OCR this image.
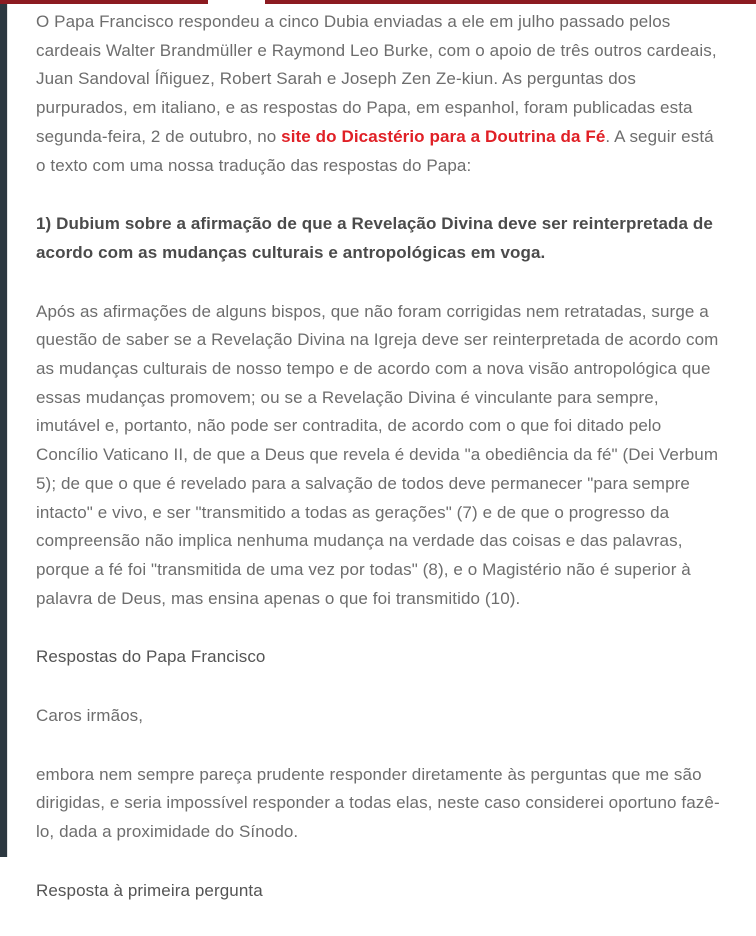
O Papa Francisco respondeu a cinco Dubia enviadas a ele em julho passado pelos cardeais Walter Brandmüller e Raymond Leo Burke, com o apoio de três outros cardeais, Juan Sandoval Íñiguez, Robert Sarah e Joseph Zen Ze-kiun. As perguntas dos purpurados, em italiano, e as respostas do Papa, em espanhol, foram publicadas esta segunda-feira, 2 de outubro, no site do Dicastério para a Doutrina da Fé. A seguir está o texto com uma nossa tradução das respostas do Papa:

1) Dubium sobre a afirmação de que a Revelação Divina deve ser reinterpretada de acordo com as mudanças culturais e antropológicas em voga.

Após as afirmações de alguns bispos, que não foram corrigidas nem retratadas, surge a questão de saber se a Revelação Divina na Igreja deve ser reinterpretada de acordo com as mudanças culturais de nosso tempo e de acordo com a nova visão antropológica que essas mudanças promovem; ou se a Revelação Divina é vinculante para sempre, imutável e, portanto, não pode ser contradita, de acordo com o que foi ditado pelo Concílio Vaticano II, de que a Deus que revela é devida "a obediência da fé" (Dei Verbum 5); de que o que é revelado para a salvação de todos deve permanecer "para sempre intacto" e vivo, e ser "transmitido a todas as gerações" (7) e de que o progresso da compreensão não implica nenhuma mudança na verdade das coisas e das palavras, porque a fé foi "transmitida de uma vez por todas" (8), e o Magistério não é superior à palavra de Deus, mas ensina apenas o que foi transmitido (10).

Respostas do Papa Francisco

Caros irmãos,

embora nem sempre pareça prudente responder diretamente às perguntas que me são dirigidas, e seria impossível responder a todas elas, neste caso considerei oportuno fazê-lo, dada a proximidade do Sínodo.

Resposta à primeira pergunta
